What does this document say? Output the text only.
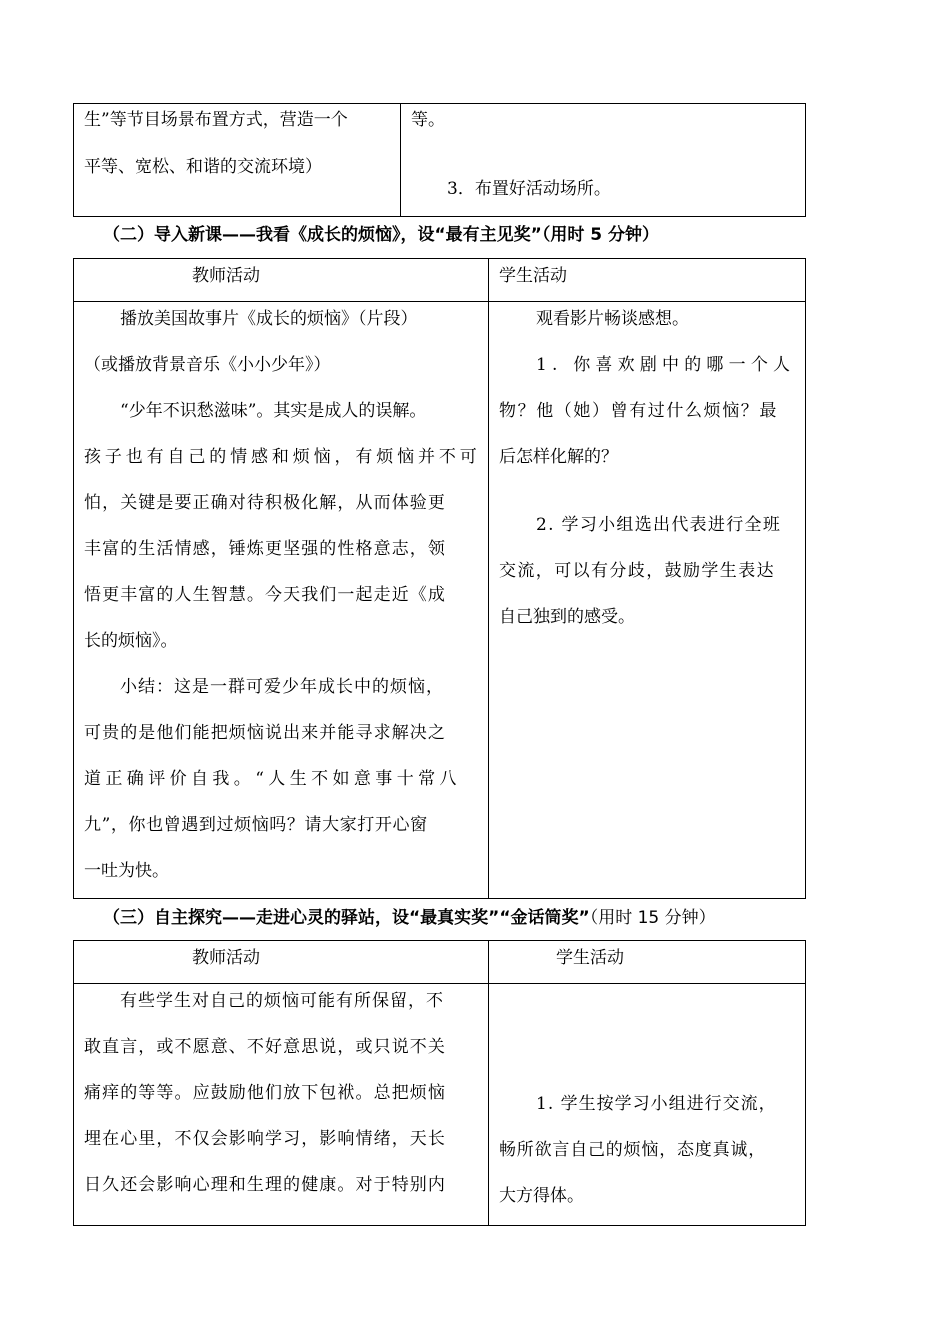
生”等节目场景布置方式，营造一个
平等、宽松、和谐的交流环境）
等。
3．布置好活动场所。
（二）导入新课——我看《成长的烦恼》，设“最有主见奖”（用时 5 分钟）
教师活动	学生活动
播放美国故事片《成长的烦恼》（片段）
（或播放背景音乐《小小少年》）
“少年不识愁滋味”。其实是成人的误解。
孩 子 也 有 自 己 的 情 感 和 烦 恼 ， 有 烦 恼 并 不 可
怕，关键是要正确对待积极化解，从而体验更
丰富的生活情感，锤炼更坚强的性格意志，领
悟更丰富的人生智慧。今天我们一起走近《成
长的烦恼》。
小结：这是一群可爱少年成长中的烦恼，
可贵的是他们能把烦恼说出来并能寻求解决之
道正确评价自我。“人生不如意事十常八
九”，你也曾遇到过烦恼吗？请大家打开心窗
一吐为快。
观看影片畅谈感想。
1. 你喜欢剧中的哪一个人
物？他（她）曾有过什么烦恼？最
后怎样化解的？
2. 学习小组选出代表进行全班
交流，可以有分歧，鼓励学生表达
自己独到的感受。
（三）自主探究——走进心灵的驿站，设“最真实奖”“金话筒奖”（用时 15 分钟）
教师活动	学生活动
有些学生对自己的烦恼可能有所保留，不
敢直言，或不愿意、不好意思说，或只说不关
痛痒的等等。应鼓励他们放下包袱。总把烦恼
埋在心里，不仅会影响学习，影响情绪，天长
日久还会影响心理和生理的健康。对于特别内
1. 学生按学习小组进行交流，
畅所欲言自己的烦恼，态度真诚，
大方得体。
